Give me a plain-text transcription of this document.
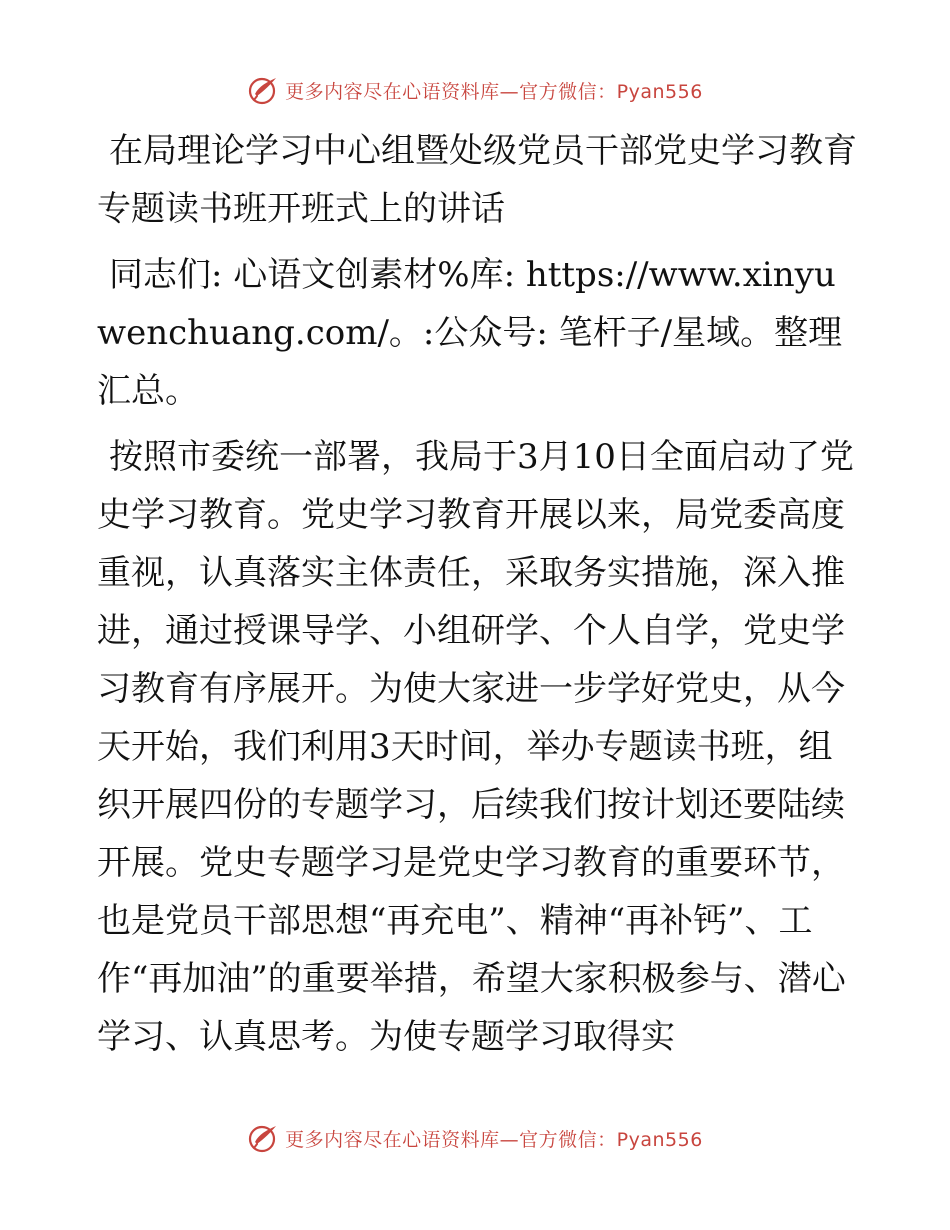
更多内容尽在心语资料库—官方微信：Pyan556

在局理论学习中心组暨处级党员干部党史学习教育专题读书班开班式上的讲话

同志们: 心语文创素材%库: https://www.xinyuwenchuang.com/。:公众号: 笔杆子/星域。整理汇总。

按照市委统一部署，我局于3月10日全面启动了党史学习教育。党史学习教育开展以来，局党委高度重视，认真落实主体责任，采取务实措施，深入推进，通过授课导学、小组研学、个人自学，党史学习教育有序展开。为使大家进一步学好党史，从今天开始，我们利用3天时间，举办专题读书班，组织开展四份的专题学习，后续我们按计划还要陆续开展。党史专题学习是党史学习教育的重要环节，也是党员干部思想“再充电”、精神“再补钙”、工作“再加油”的重要举措，希望大家积极参与、潜心学习、认真思考。为使专题学习取得实

更多内容尽在心语资料库—官方微信：Pyan556
